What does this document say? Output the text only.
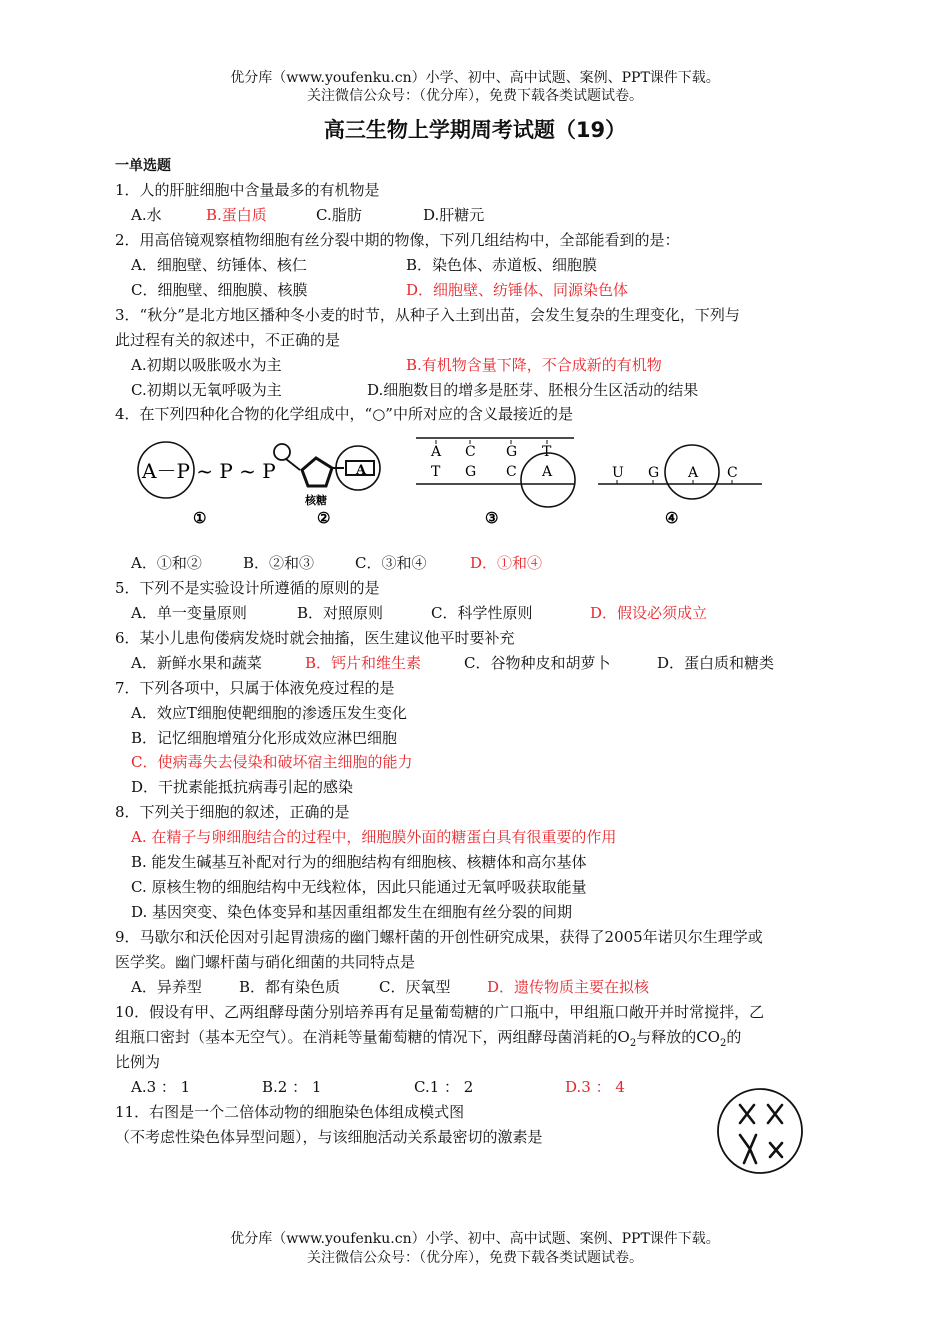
优分库（www.youfenku.cn）小学、初中、高中试题、案例、PPT课件下载。
关注微信公众号：（优分库），免费下载各类试题试卷。
高三生物上学期周考试题（19）
一单选题
1．人的肝脏细胞中含量最多的有机物是
A.水	B.蛋白质	C.脂肪	D.肝糖元
2．用高倍镜观察植物细胞有丝分裂中期的物像，下列几组结构中，全部能看到的是：
A．细胞壁、纺锤体、核仁	B．染色体、赤道板、细胞膜
C．细胞壁、细胞膜、核膜	D．细胞壁、纺锤体、同源染色体
3．“秋分”是北方地区播种冬小麦的时节，从种子入土到出苗，会发生复杂的生理变化，下列与
此过程有关的叙述中，不正确的是
A.初期以吸胀吸水为主	B.有机物含量下降，不合成新的有机物
C.初期以无氧呼吸为主	D.细胞数目的增多是胚芽、胚根分生区活动的结果
4．在下列四种化合物的化学组成中，“○”中所对应的含义最接近的是
A－P ~ P ~ P
①
A
核糖
②
A C G T
T G C A
③
U G A C
④
A．①和②	B．②和③	C．③和④	D．①和④
5．下列不是实验设计所遵循的原则的是
A．单一变量原则	B．对照原则	C．科学性原则	D．假设必须成立
6．某小儿患佝偻病发烧时就会抽搐，医生建议他平时要补充
A．新鲜水果和蔬菜	B．钙片和维生素	C．谷物种皮和胡萝卜	D．蛋白质和糖类
7．下列各项中，只属于体液免疫过程的是
A．效应T细胞使靶细胞的渗透压发生变化
B．记忆细胞增殖分化形成效应淋巴细胞
C．使病毒失去侵染和破坏宿主细胞的能力
D．干扰素能抵抗病毒引起的感染
8．下列关于细胞的叙述，正确的是
A. 在精子与卵细胞结合的过程中，细胞膜外面的糖蛋白具有很重要的作用
B. 能发生碱基互补配对行为的细胞结构有细胞核、核糖体和高尔基体
C. 原核生物的细胞结构中无线粒体，因此只能通过无氧呼吸获取能量
D. 基因突变、染色体变异和基因重组都发生在细胞有丝分裂的间期
9．马歇尔和沃伦因对引起胃溃疡的幽门螺杆菌的开创性研究成果，获得了2005年诺贝尔生理学或
医学奖。幽门螺杆菌与硝化细菌的共同特点是
A．异养型 B．都有染色质	C．厌氧型 D．遗传物质主要在拟核
10．假设有甲、乙两组酵母菌分别培养再有足量葡萄糖的广口瓶中，甲组瓶口敞开并时常搅拌，乙
组瓶口密封（基本无空气）。在消耗等量葡萄糖的情况下，两组酵母菌消耗的$O_2$与释放的$CO_2$的
比例为
A.3 ： 1	B.2 ： 1	C.1 ： 2	D.3 ： 4
11．右图是一个二倍体动物的细胞染色体组成模式图
（不考虑性染色体异型问题），与该细胞活动关系最密切的激素是
优分库（www.youfenku.cn）小学、初中、高中试题、案例、PPT课件下载。
关注微信公众号：（优分库），免费下载各类试题试卷。
